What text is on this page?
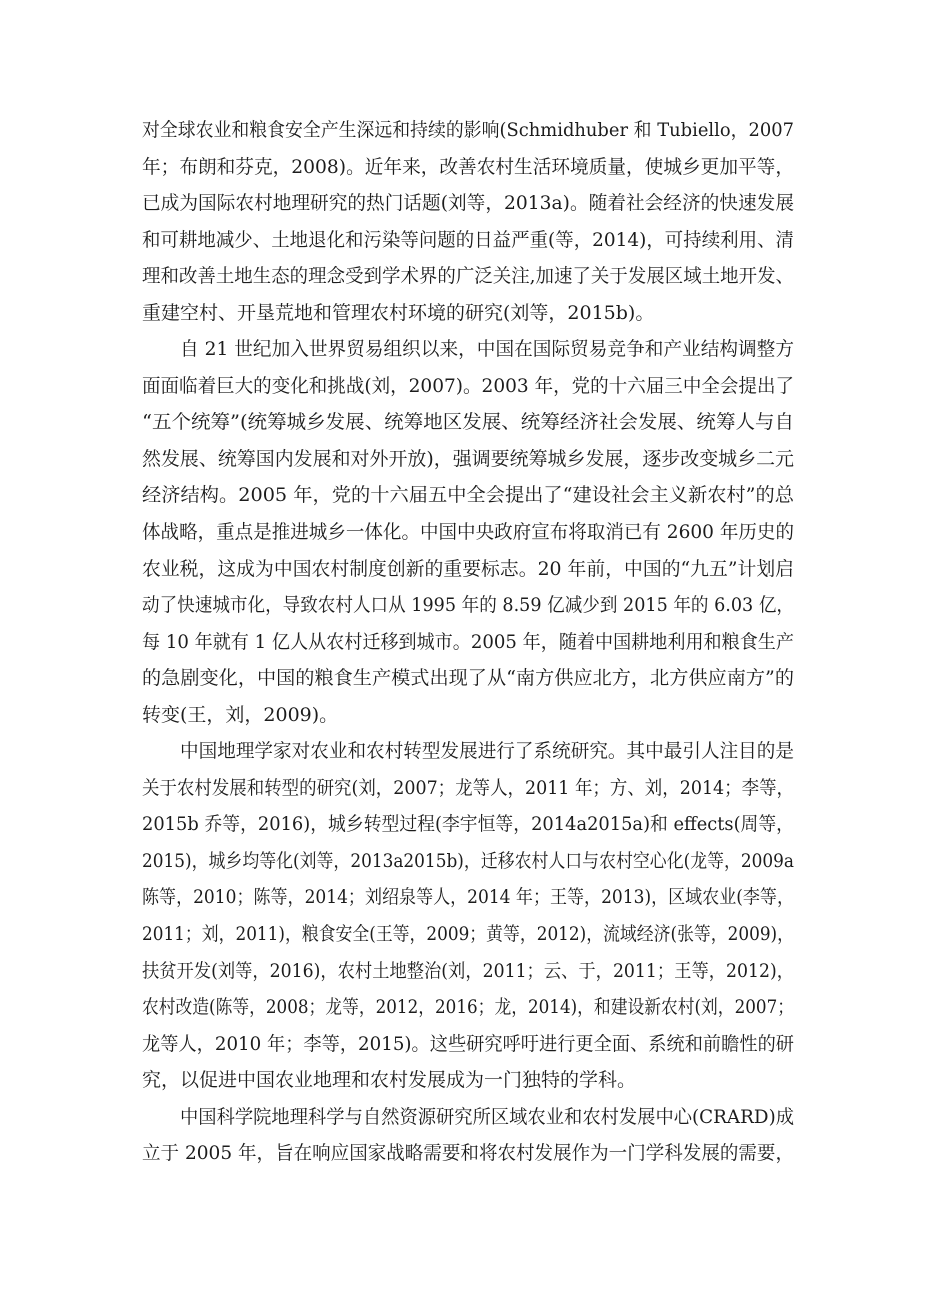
对全球农业和粮食安全产生深远和持续的影响(Schmidhuber 和 Tubiello，2007
年；布朗和芬克，2008)。近年来，改善农村生活环境质量，使城乡更加平等，
已成为国际农村地理研究的热门话题(刘等，2013a)。随着社会经济的快速发展
和可耕地减少、土地退化和污染等问题的日益严重(等，2014)，可持续利用、清
理和改善土地生态的理念受到学术界的广泛关注,加速了关于发展区域土地开发、
重建空村、开垦荒地和管理农村环境的研究(刘等，2015b)。
自 21 世纪加入世界贸易组织以来，中国在国际贸易竞争和产业结构调整方
面面临着巨大的变化和挑战(刘，2007)。2003 年，党的十六届三中全会提出了
“五个统筹”(统筹城乡发展、统筹地区发展、统筹经济社会发展、统筹人与自
然发展、统筹国内发展和对外开放)，强调要统筹城乡发展，逐步改变城乡二元
经济结构。2005 年，党的十六届五中全会提出了“建设社会主义新农村”的总
体战略，重点是推进城乡一体化。中国中央政府宣布将取消已有 2600 年历史的
农业税，这成为中国农村制度创新的重要标志。20 年前，中国的“九五”计划启
动了快速城市化，导致农村人口从 1995 年的 8.59 亿减少到 2015 年的 6.03 亿，
每 10 年就有 1 亿人从农村迁移到城市。2005 年，随着中国耕地利用和粮食生产
的急剧变化，中国的粮食生产模式出现了从“南方供应北方，北方供应南方”的
转变(王，刘，2009)。
中国地理学家对农业和农村转型发展进行了系统研究。其中最引人注目的是
关于农村发展和转型的研究(刘，2007；龙等人，2011 年；方、刘，2014；李等，
2015b 乔等，2016)，城乡转型过程(李宇恒等，2014a2015a)和 effects(周等，
2015)，城乡均等化(刘等，2013a2015b)，迁移农村人口与农村空心化(龙等，2009a
陈等，2010；陈等，2014；刘绍泉等人，2014 年；王等，2013)，区域农业(李等，
2011；刘，2011)，粮食安全(王等，2009；黄等，2012)，流域经济(张等，2009)，
扶贫开发(刘等，2016)，农村土地整治(刘，2011；云、于，2011；王等，2012)，
农村改造(陈等，2008；龙等，2012，2016；龙，2014)，和建设新农村(刘，2007；
龙等人，2010 年；李等，2015)。这些研究呼吁进行更全面、系统和前瞻性的研
究，以促进中国农业地理和农村发展成为一门独特的学科。
中国科学院地理科学与自然资源研究所区域农业和农村发展中心(CRARD)成
立于 2005 年，旨在响应国家战略需要和将农村发展作为一门学科发展的需要，
